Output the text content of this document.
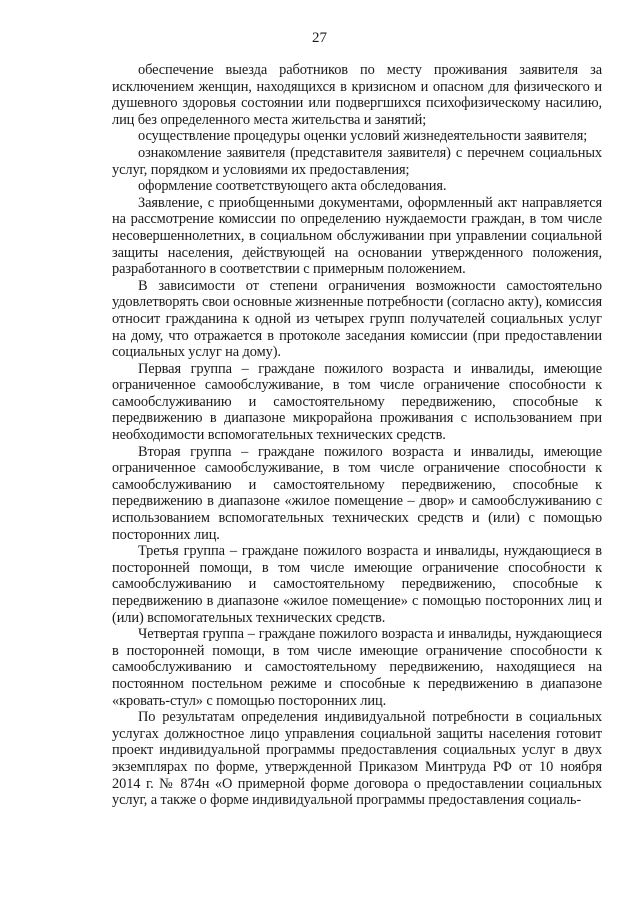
27

обеспечение выезда работников по месту проживания заявителя за исключением женщин, находящихся в кризисном и опасном для физического и душевного здоровья состоянии или подвергшихся психофизическому насилию, лиц без определенного места жительства и занятий;

осуществление процедуры оценки условий жизнедеятельности заявителя;

ознакомление заявителя (представителя заявителя) с перечнем социальных услуг, порядком и условиями их предоставления;

оформление соответствующего акта обследования.

Заявление, с приобщенными документами, оформленный акт направляется на рассмотрение комиссии по определению нуждаемости граждан, в том числе несовершеннолетних, в социальном обслуживании при управлении социальной защиты населения, действующей на основании утвержденного положения, разработанного в соответствии с примерным положением.

В зависимости от степени ограничения возможности самостоятельно удовлетворять свои основные жизненные потребности (согласно акту), комиссия относит гражданина к одной из четырех групп получателей социальных услуг на дому, что отражается в протоколе заседания комиссии (при предоставлении социальных услуг на дому).

Первая группа – граждане пожилого возраста и инвалиды, имеющие ограниченное самообслуживание, в том числе ограничение способности к самообслуживанию и самостоятельному передвижению, способные к передвижению в диапазоне микрорайона проживания с использованием при необходимости вспомогательных технических средств.

Вторая группа – граждане пожилого возраста и инвалиды, имеющие ограниченное самообслуживание, в том числе ограничение способности к самообслуживанию и самостоятельному передвижению, способные к передвижению в диапазоне «жилое помещение – двор» и самообслуживанию с использованием вспомогательных технических средств и (или) с помощью посторонних лиц.

Третья группа – граждане пожилого возраста и инвалиды, нуждающиеся в посторонней помощи, в том числе имеющие ограничение способности к самообслуживанию и самостоятельному передвижению, способные к передвижению в диапазоне «жилое помещение» с помощью посторонних лиц и (или) вспомогательных технических средств.

Четвертая группа – граждане пожилого возраста и инвалиды, нуждающиеся в посторонней помощи, в том числе имеющие ограничение способности к самообслуживанию и самостоятельному передвижению, находящиеся на постоянном постельном режиме и способные к передвижению в диапазоне «кровать-стул» с помощью посторонних лиц.

По результатам определения индивидуальной потребности в социальных услугах должностное лицо управления социальной защиты населения готовит проект индивидуальной программы предоставления социальных услуг в двух экземплярах по форме, утвержденной Приказом Минтруда РФ от 10 ноября 2014 г. № 874н «О примерной форме договора о предоставлении социальных услуг, а также о форме индивидуальной программы предоставления социаль-
